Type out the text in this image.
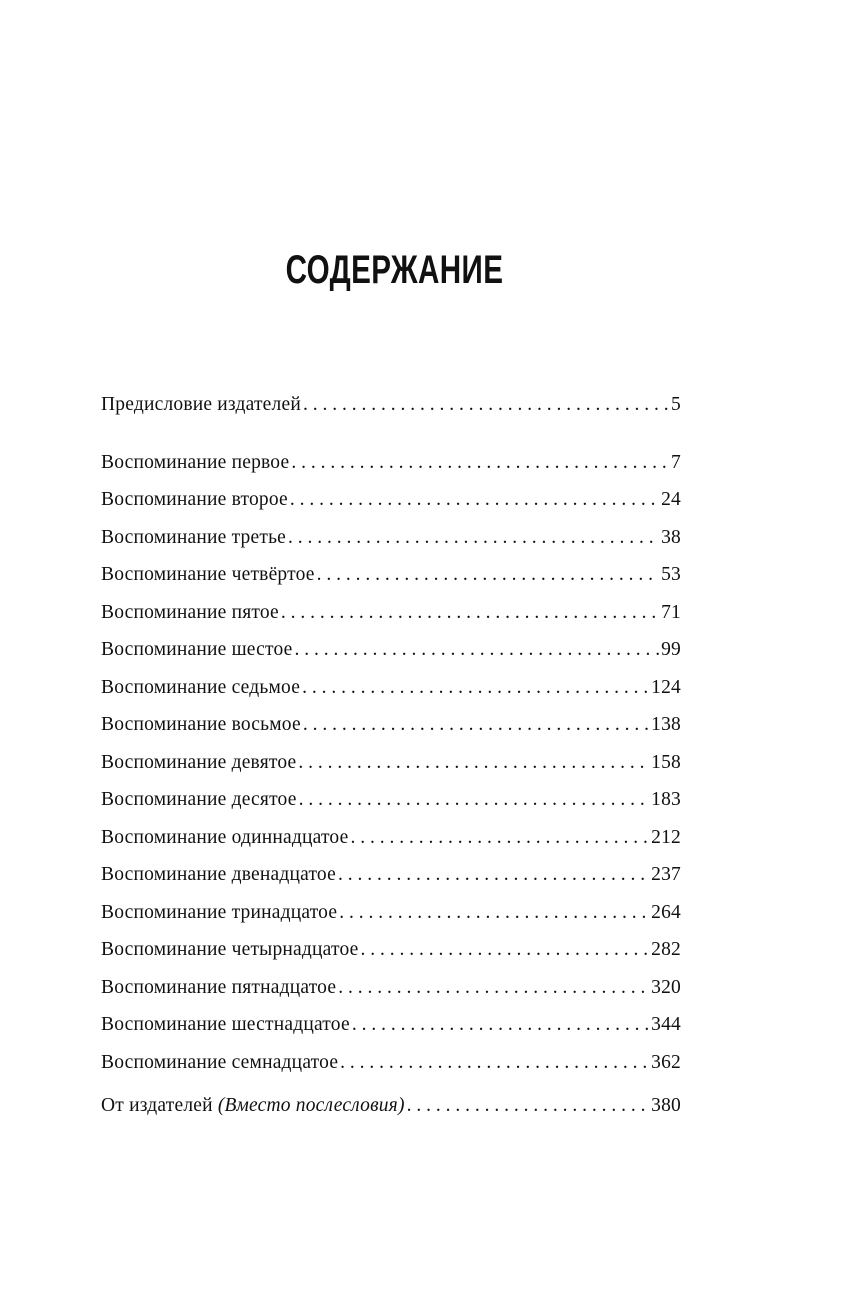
СОДЕРЖАНИЕ
Предисловие издателей . . .	5
Воспоминание первое . . .	7
Воспоминание второе . . .	24
Воспоминание третье . . .	38
Воспоминание четвёртое . . .	53
Воспоминание пятое . . .	71
Воспоминание шестое . . .	99
Воспоминание седьмое . . .	124
Воспоминание восьмое . . .	138
Воспоминание девятое . . .	158
Воспоминание десятое . . .	183
Воспоминание одиннадцатое . . .	212
Воспоминание двенадцатое . . .	237
Воспоминание тринадцатое . . .	264
Воспоминание четырнадцатое . . .	282
Воспоминание пятнадцатое . . .	320
Воспоминание шестнадцатое . . .	344
Воспоминание семнадцатое . . .	362
От издателей (Вместо послесловия) . . .	380
